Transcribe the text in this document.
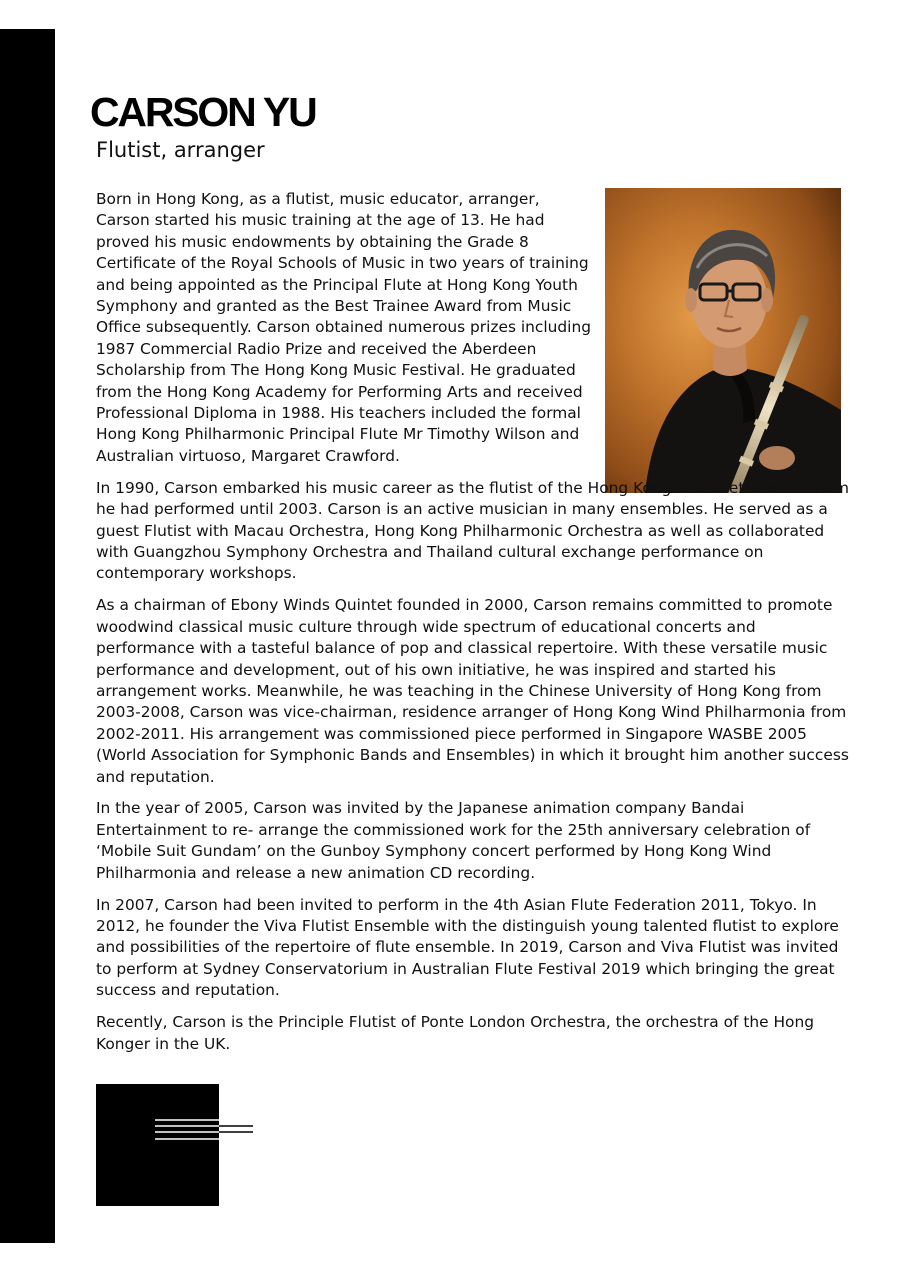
CARSON YU
Flutist, arranger

Born in Hong Kong, as a flutist, music educator, arranger, Carson started his music training at the age of 13. He had proved his music endowments by obtaining the Grade 8 Certificate of the Royal Schools of Music in two years of training and being appointed as the Principal Flute at Hong Kong Youth Symphony and granted as the Best Trainee Award from Music Office subsequently. Carson obtained numerous prizes including 1987 Commercial Radio Prize and received the Aberdeen Scholarship from The Hong Kong Music Festival. He graduated from the Hong Kong Academy for Performing Arts and received Professional Diploma in 1988. His teachers included the formal Hong Kong Philharmonic Principal Flute Mr Timothy Wilson and Australian virtuoso, Margaret Crawford.

In 1990, Carson embarked his music career as the flutist of the Hong Kong Sinfonietta with whom he had performed until 2003. Carson is an active musician in many ensembles. He served as a guest Flutist with Macau Orchestra, Hong Kong Philharmonic Orchestra as well as collaborated with Guangzhou Symphony Orchestra and Thailand cultural exchange performance on contemporary workshops.

As a chairman of Ebony Winds Quintet founded in 2000, Carson remains committed to promote woodwind classical music culture through wide spectrum of educational concerts and performance with a tasteful balance of pop and classical repertoire. With these versatile music performance and development, out of his own initiative, he was inspired and started his arrangement works. Meanwhile, he was teaching in the Chinese University of Hong Kong from 2003-2008, Carson was vice-chairman, residence arranger of Hong Kong Wind Philharmonia from 2002-2011. His arrangement was commissioned piece performed in Singapore WASBE 2005 (World Association for Symphonic Bands and Ensembles) in which it brought him another success and reputation.

In the year of 2005, Carson was invited by the Japanese animation company Bandai Entertainment to re- arrange the commissioned work for the 25th anniversary celebration of ‘Mobile Suit Gundam’ on the Gunboy Symphony concert performed by Hong Kong Wind Philharmonia and release a new animation CD recording.

In 2007, Carson had been invited to perform in the 4th Asian Flute Federation 2011, Tokyo. In 2012, he founder the Viva Flutist Ensemble with the distinguish young talented flutist to explore and possibilities of the repertoire of flute ensemble. In 2019, Carson and Viva Flutist was invited to perform at Sydney Conservatorium in Australian Flute Festival 2019 which bringing the great success and reputation.

Recently, Carson is the Principle Flutist of Ponte London Orchestra, the orchestra of the Hong Konger in the UK.
